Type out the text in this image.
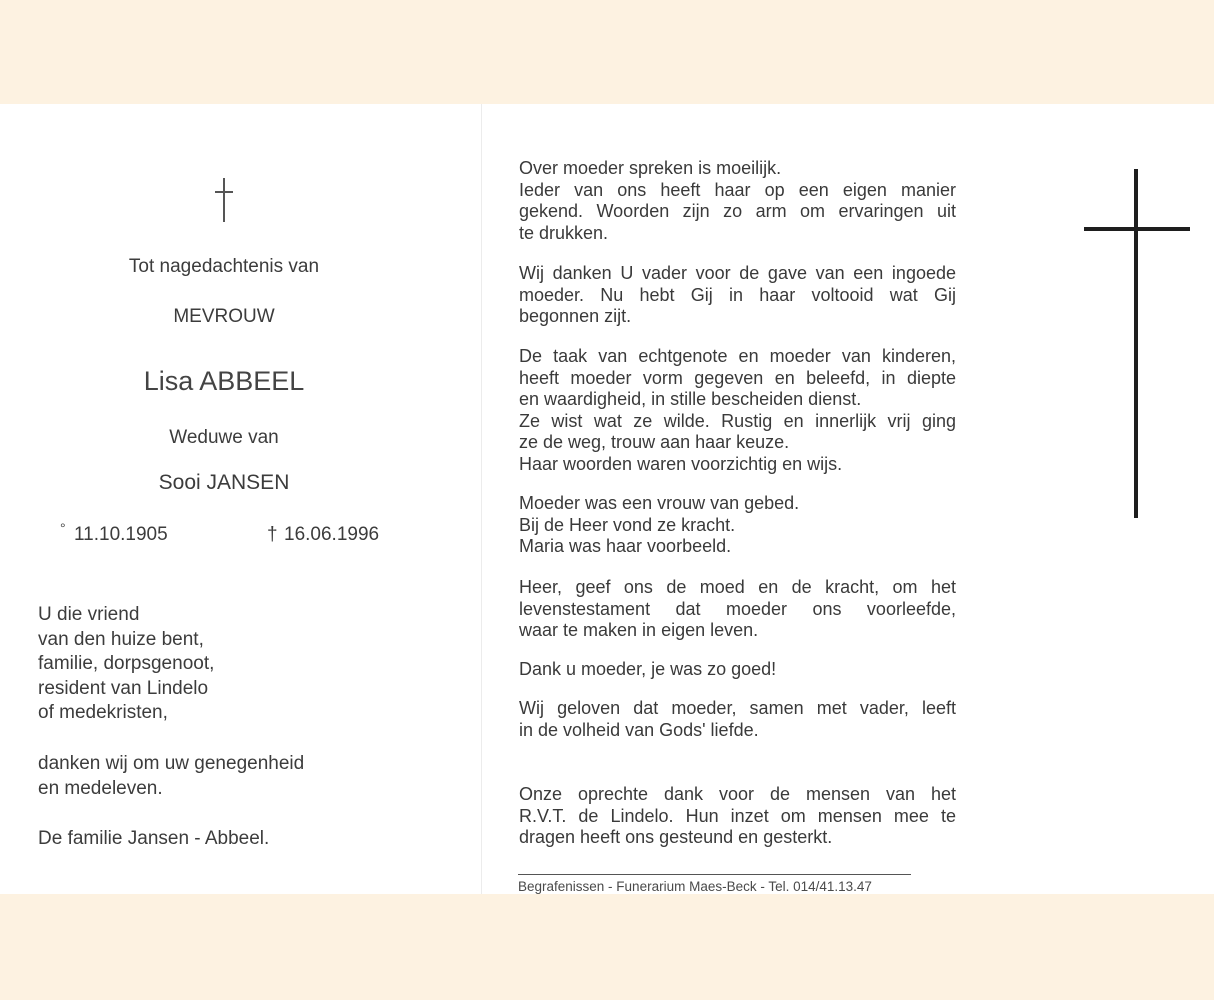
Tot nagedachtenis van
MEVROUW
Lisa ABBEEL
Weduwe van
Sooi JANSEN
° 11.10.1905	† 16.06.1996
U die vriend
van den huize bent,
familie, dorpsgenoot,
resident van Lindelo
of medekristen,
danken wij om uw genegenheid
en medeleven.
De familie Jansen - Abbeel.
Over moeder spreken is moeilijk.
Ieder van ons heeft haar op een eigen manier
gekend. Woorden zijn zo arm om ervaringen uit
te drukken.
Wij danken U vader voor de gave van een ingoede
moeder. Nu hebt Gij in haar voltooid wat Gij
begonnen zijt.
De taak van echtgenote en moeder van kinderen,
heeft moeder vorm gegeven en beleefd, in diepte
en waardigheid, in stille bescheiden dienst.
Ze wist wat ze wilde. Rustig en innerlijk vrij ging
ze de weg, trouw aan haar keuze.
Haar woorden waren voorzichtig en wijs.
Moeder was een vrouw van gebed.
Bij de Heer vond ze kracht.
Maria was haar voorbeeld.
Heer, geef ons de moed en de kracht, om het
levenstestament dat moeder ons voorleefde,
waar te maken in eigen leven.
Dank u moeder, je was zo goed!
Wij geloven dat moeder, samen met vader, leeft
in de volheid van Gods' liefde.
Onze oprechte dank voor de mensen van het
R.V.T. de Lindelo. Hun inzet om mensen mee te
dragen heeft ons gesteund en gesterkt.
Begrafenissen - Funerarium Maes-Beck - Tel. 014/41.13.47
